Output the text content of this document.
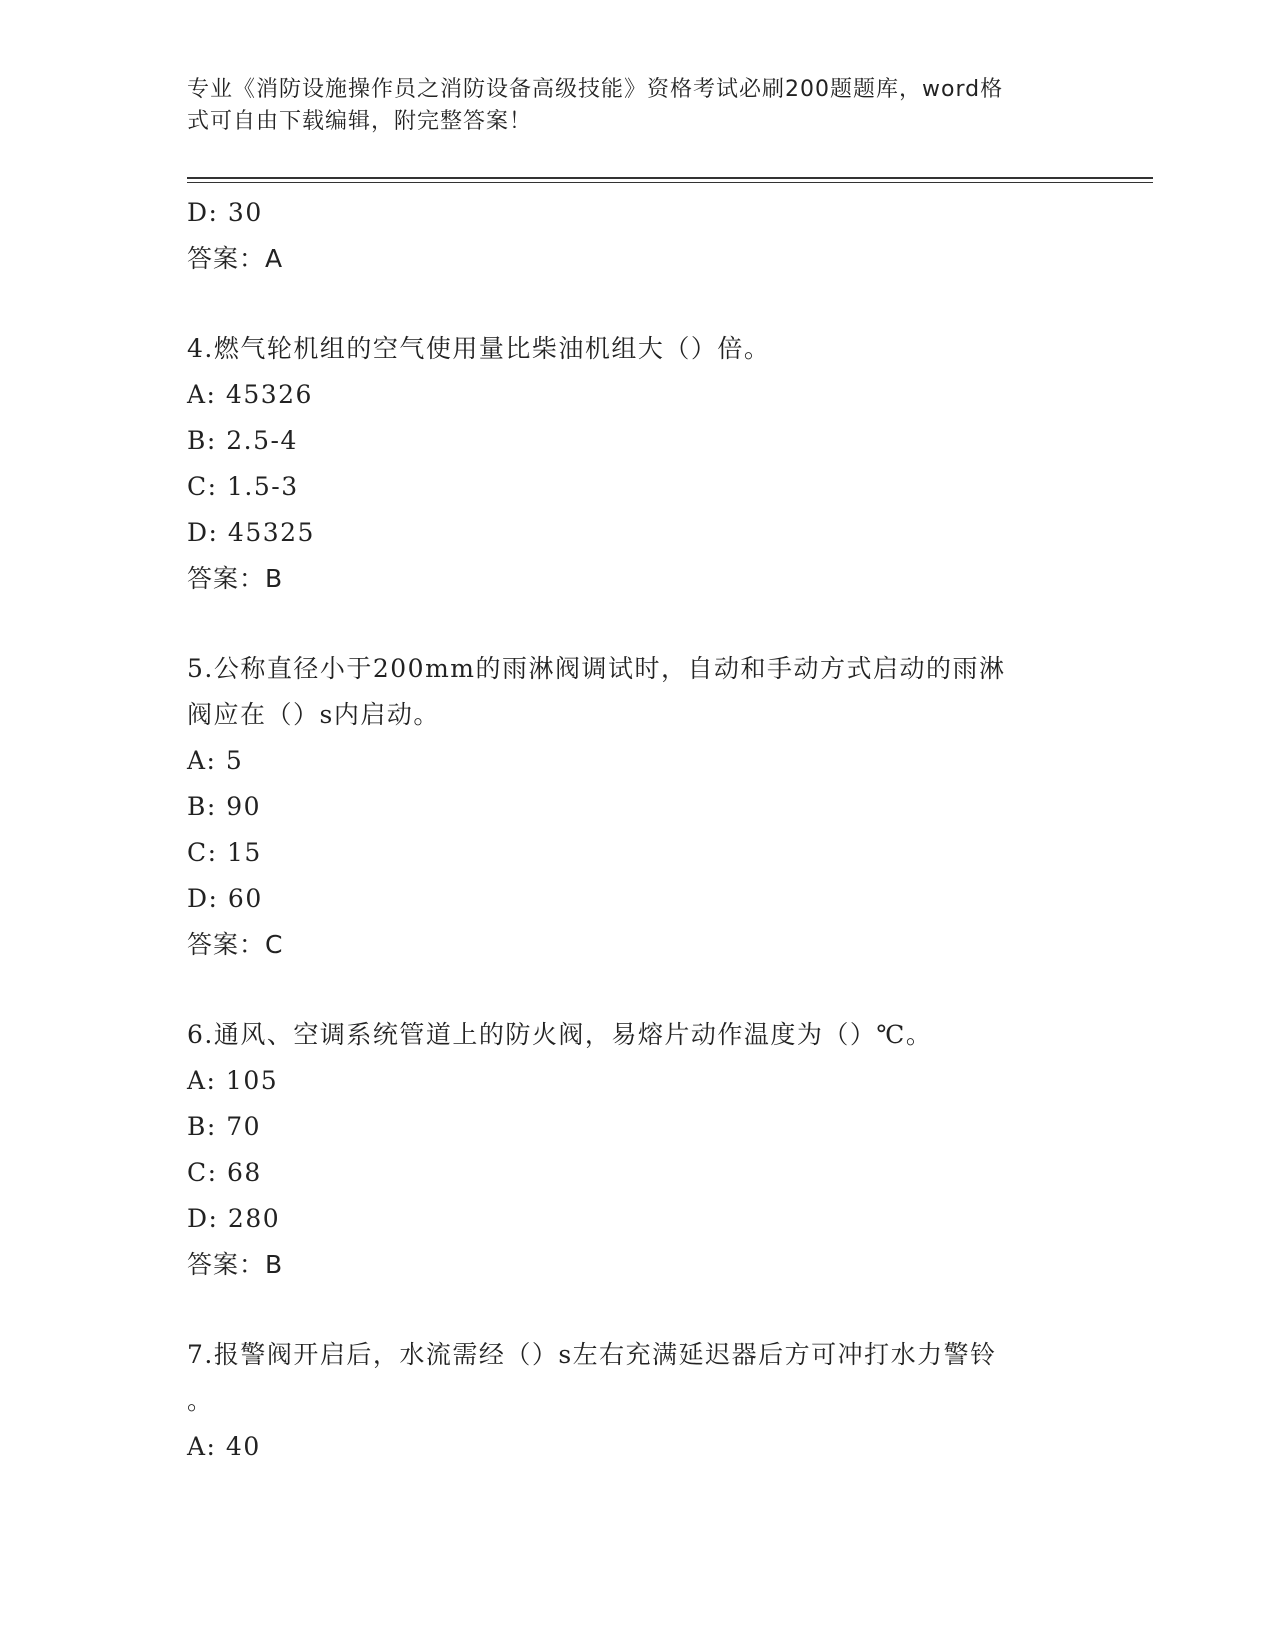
专业《消防设施操作员之消防设备高级技能》资格考试必刷200题题库，word格
式可自由下载编辑，附完整答案！
D: 30
答案：A
4.燃气轮机组的空气使用量比柴油机组大（）倍。
A: 45326
B: 2.5-4
C: 1.5-3
D: 45325
答案：B
5.公称直径小于200mm的雨淋阀调试时，自动和手动方式启动的雨淋
阀应在（）s内启动。
A: 5
B: 90
C: 15
D: 60
答案：C
6.通风、空调系统管道上的防火阀，易熔片动作温度为（）℃。
A: 105
B: 70
C: 68
D: 280
答案：B
7.报警阀开启后，水流需经（）s左右充满延迟器后方可冲打水力警铃
。
A: 40
